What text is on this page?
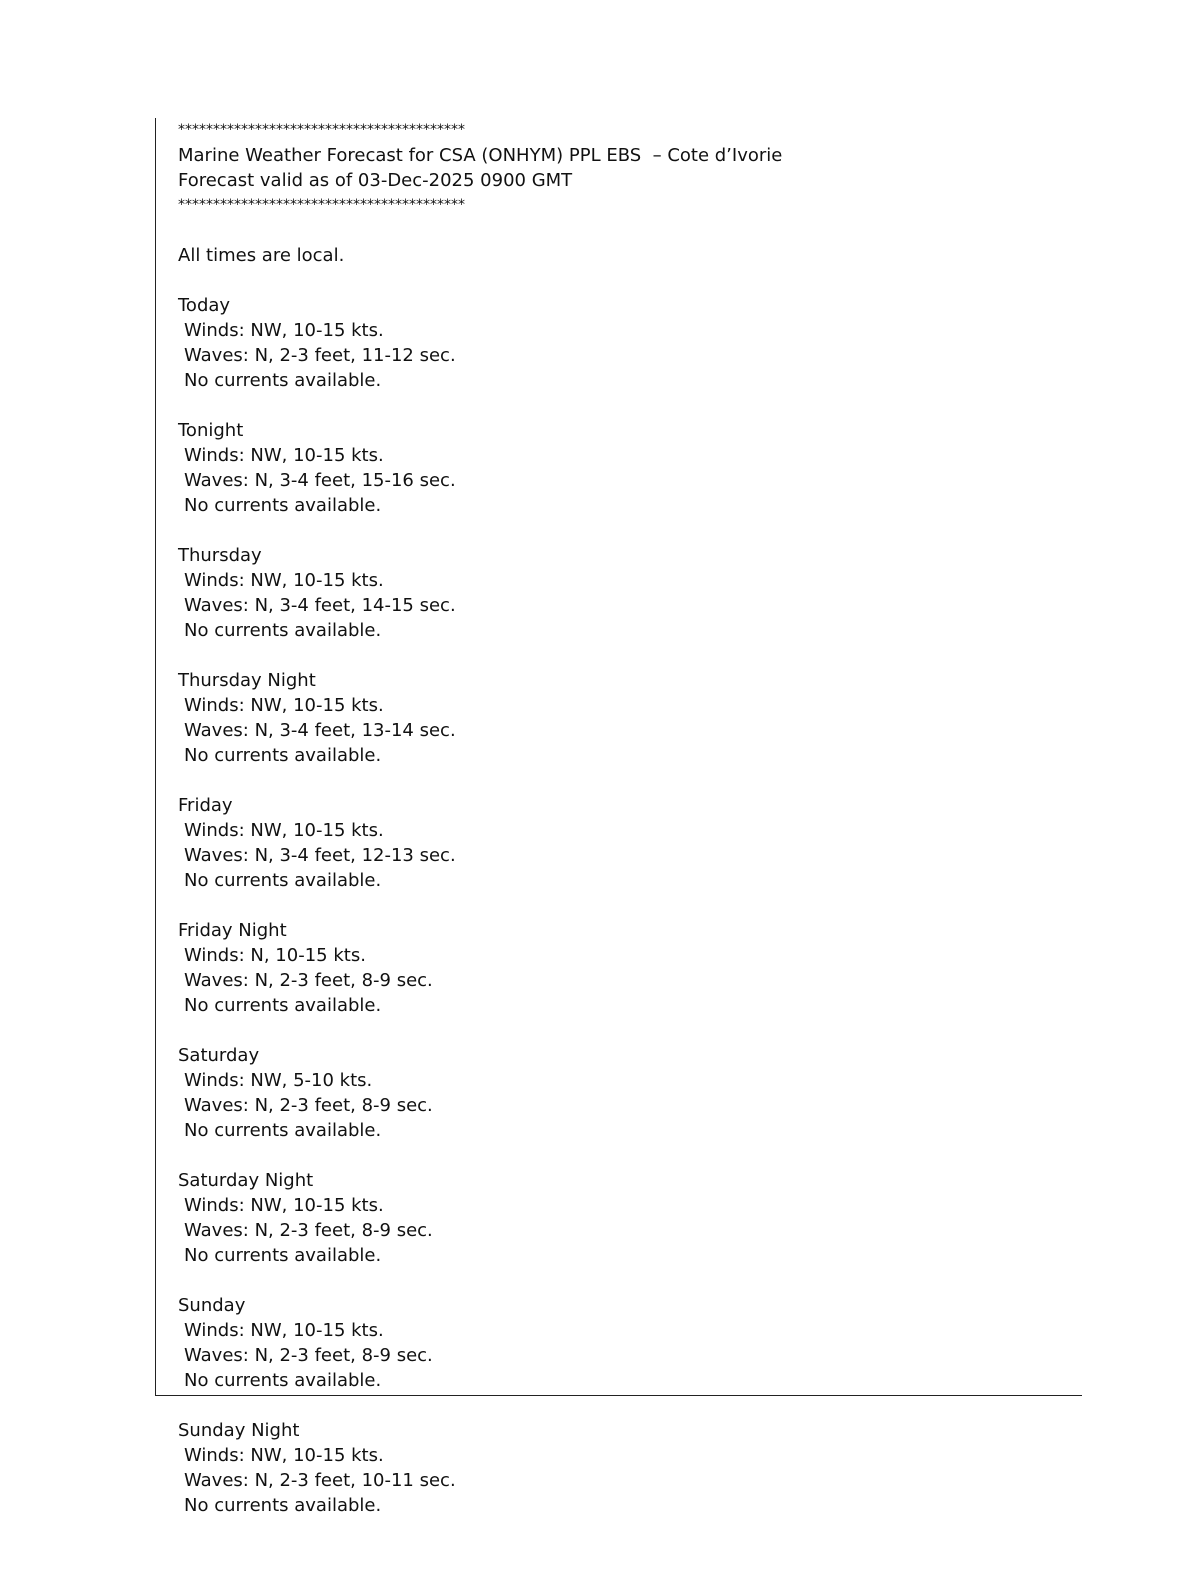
*****************************************
Marine Weather Forecast for CSA (ONHYM) PPL EBS  – Cote d’Ivorie
Forecast valid as of 03-Dec-2025 0900 GMT
*****************************************
All times are local.
Today
Winds: NW, 10-15 kts.
Waves: N, 2-3 feet, 11-12 sec.
No currents available.
Tonight
Winds: NW, 10-15 kts.
Waves: N, 3-4 feet, 15-16 sec.
No currents available.
Thursday
Winds: NW, 10-15 kts.
Waves: N, 3-4 feet, 14-15 sec.
No currents available.
Thursday Night
Winds: NW, 10-15 kts.
Waves: N, 3-4 feet, 13-14 sec.
No currents available.
Friday
Winds: NW, 10-15 kts.
Waves: N, 3-4 feet, 12-13 sec.
No currents available.
Friday Night
Winds: N, 10-15 kts.
Waves: N, 2-3 feet, 8-9 sec.
No currents available.
Saturday
Winds: NW, 5-10 kts.
Waves: N, 2-3 feet, 8-9 sec.
No currents available.
Saturday Night
Winds: NW, 10-15 kts.
Waves: N, 2-3 feet, 8-9 sec.
No currents available.
Sunday
Winds: NW, 10-15 kts.
Waves: N, 2-3 feet, 8-9 sec.
No currents available.
Sunday Night
Winds: NW, 10-15 kts.
Waves: N, 2-3 feet, 10-11 sec.
No currents available.
